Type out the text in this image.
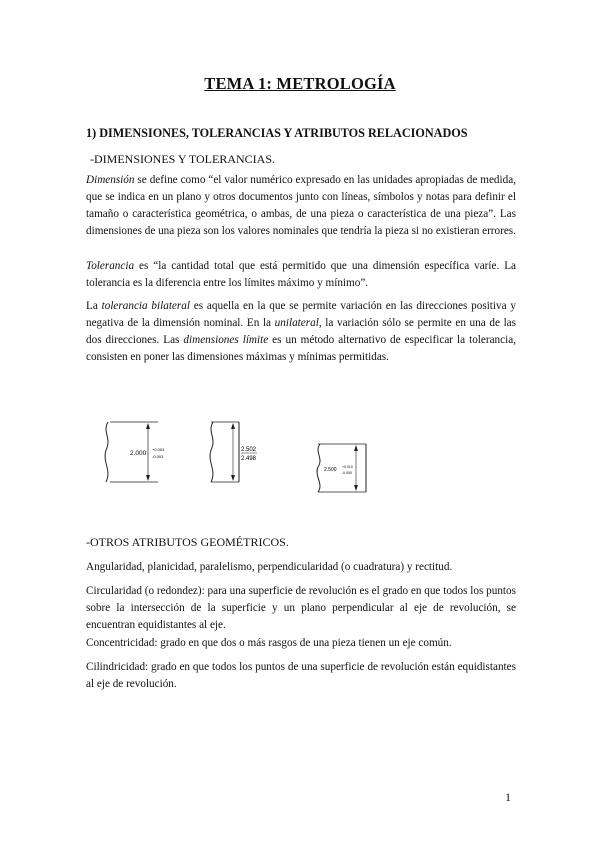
TEMA 1: METROLOGÍA
1) DIMENSIONES, TOLERANCIAS Y ATRIBUTOS RELACIONADOS
-DIMENSIONES Y TOLERANCIAS.

Dimensión se define como “el valor numérico expresado en las unidades apropiadas de medida, que se indica en un plano y otros documentos junto con líneas, símbolos y notas para definir el tamaño o característica geométrica, o ambas, de una pieza o característica de una pieza”. Las dimensiones de una pieza son los valores nominales que tendría la pieza si no existieran errores.

Tolerancia es “la cantidad total que está permitido que una dimensión específica varíe. La tolerancia es la diferencia entre los límites máximo y mínimo”.

La tolerancia bilateral es aquella en la que se permite variación en las direcciones positiva y negativa de la dimensión nominal. En la unilateral, la variación sólo se permite en una de las dos direcciones. Las dimensiones límite es un método alternativo de especificar la tolerancia, consisten en poner las dimensiones máximas y mínimas permitidas.

2.000
+0.003
-0.003
2.502
2.498
2.500 +0.010
-0.000
-OTROS ATRIBUTOS GEOMÉTRICOS.

Angularidad, planicidad, paralelismo, perpendicularidad (o cuadratura) y rectitud.

Circularidad (o redondez): para una superficie de revolución es el grado en que todos los puntos sobre la intersección de la superficie y un plano perpendicular al eje de revolución, se encuentran equidistantes al eje.

Concentricidad: grado en que dos o más rasgos de una pieza tienen un eje común.

Cilindricidad: grado en que todos los puntos de una superficie de revolución están equidistantes al eje de revolución.

1
